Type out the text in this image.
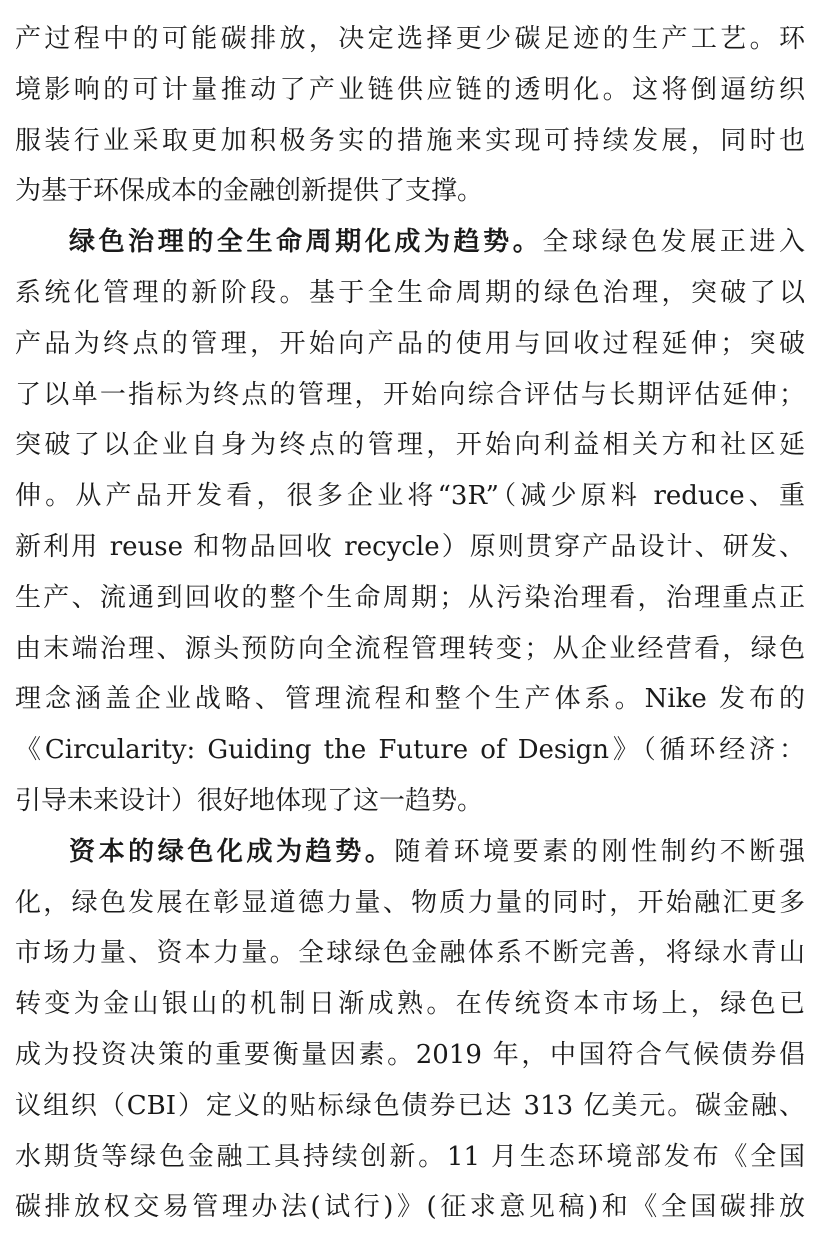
产过程中的可能碳排放，决定选择更少碳足迹的生产工艺。环
境影响的可计量推动了产业链供应链的透明化。这将倒逼纺织
服装行业采取更加积极务实的措施来实现可持续发展，同时也
为基于环保成本的金融创新提供了支撑。
绿色治理的全生命周期化成为趋势。全球绿色发展正进入
系统化管理的新阶段。基于全生命周期的绿色治理，突破了以
产品为终点的管理，开始向产品的使用与回收过程延伸；突破
了以单一指标为终点的管理，开始向综合评估与长期评估延伸；
突破了以企业自身为终点的管理，开始向利益相关方和社区延
伸。从产品开发看，很多企业将“3R”（减少原料 reduce、重
新利用 reuse 和物品回收 recycle）原则贯穿产品设计、研发、
生产、流通到回收的整个生命周期；从污染治理看，治理重点正
由末端治理、源头预防向全流程管理转变；从企业经营看，绿色
理念涵盖企业战略、管理流程和整个生产体系。Nike 发布的
《Circularity: Guiding the Future of Design》（循环经济：
引导未来设计）很好地体现了这一趋势。
资本的绿色化成为趋势。随着环境要素的刚性制约不断强
化，绿色发展在彰显道德力量、物质力量的同时，开始融汇更多
市场力量、资本力量。全球绿色金融体系不断完善，将绿水青山
转变为金山银山的机制日渐成熟。在传统资本市场上，绿色已
成为投资决策的重要衡量因素。2019 年，中国符合气候债券倡
议组织（CBI）定义的贴标绿色债券已达 313 亿美元。碳金融、
水期货等绿色金融工具持续创新。11 月生态环境部发布《全国
碳排放权交易管理办法(试行)》(征求意见稿)和《全国碳排放
